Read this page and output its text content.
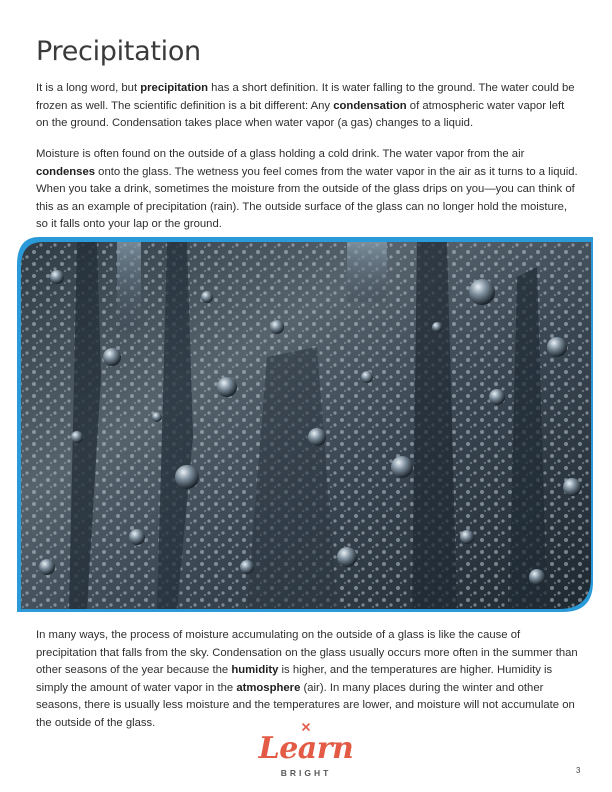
Precipitation

It is a long word, but precipitation has a short definition. It is water falling to the ground. The water could be frozen as well. The scientific definition is a bit different: Any condensation of atmospheric water vapor left on the ground. Condensation takes place when water vapor (a gas) changes to a liquid.

Moisture is often found on the outside of a glass holding a cold drink. The water vapor from the air condenses onto the glass. The wetness you feel comes from the water vapor in the air as it turns to a liquid. When you take a drink, sometimes the moisture from the outside of the glass drips on you—you can think of this as an example of precipitation (rain). The outside surface of the glass can no longer hold the moisture, so it falls onto your lap or the ground.

In many ways, the process of moisture accumulating on the outside of a glass is like the cause of precipitation that falls from the sky. Condensation on the glass usually occurs more often in the summer than other seasons of the year because the humidity is higher, and the temperatures are higher. Humidity is simply the amount of water vapor in the atmosphere (air). In many places during the winter and other seasons, there is usually less moisture and the temperatures are lower, and moisture will not accumulate on the outside of the glass.

Learn
BRIGHT	3
